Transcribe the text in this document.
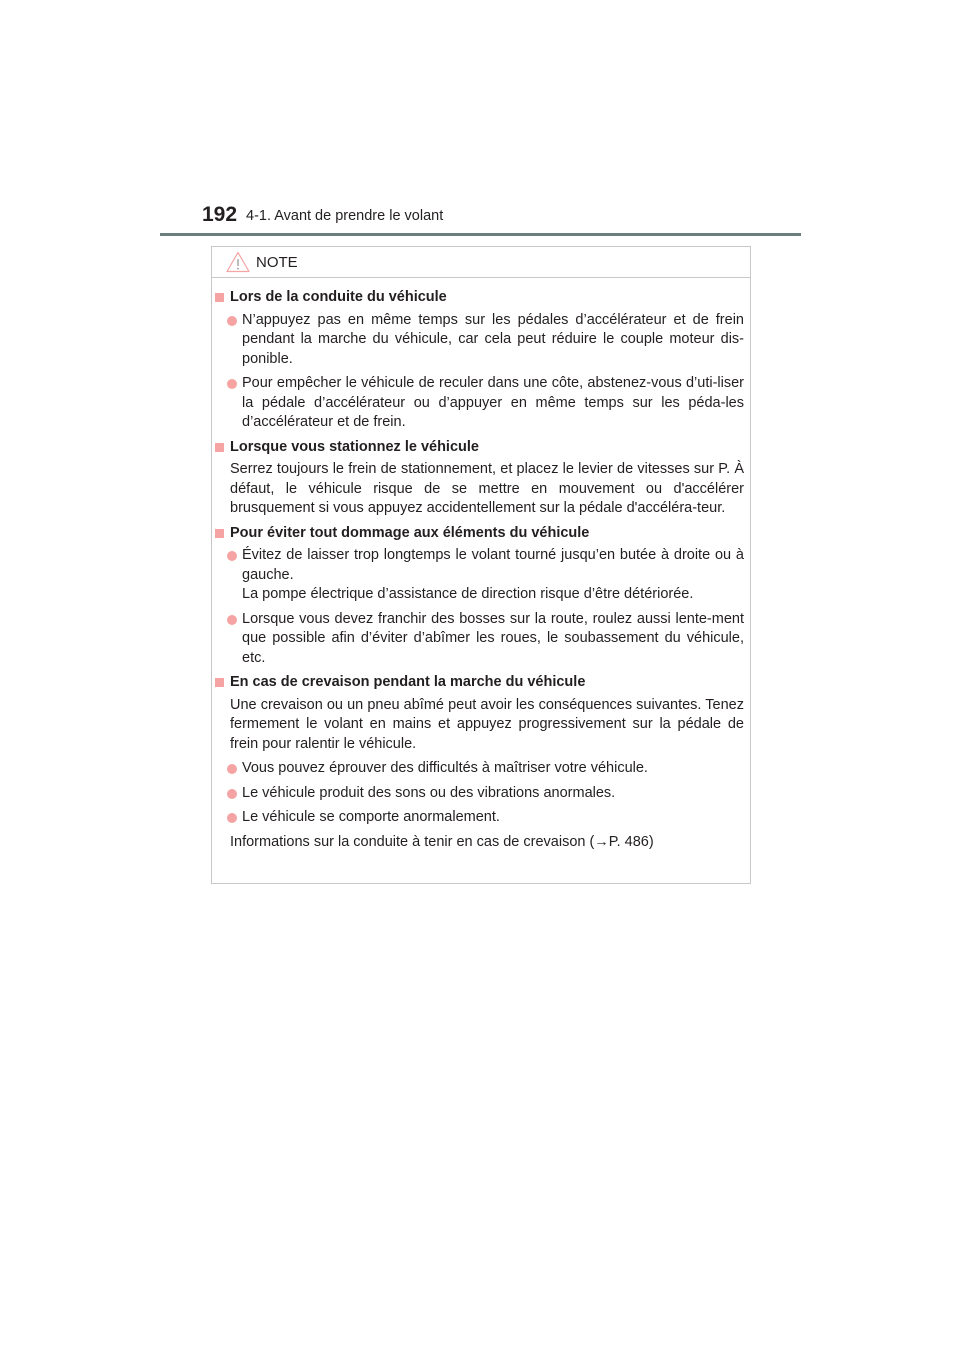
192 4-1. Avant de prendre le volant
NOTE
Lors de la conduite du véhicule
N’appuyez pas en même temps sur les pédales d’accélérateur et de frein pendant la marche du véhicule, car cela peut réduire le couple moteur dis-ponible.
Pour empêcher le véhicule de reculer dans une côte, abstenez-vous d’uti-liser la pédale d’accélérateur ou d’appuyer en même temps sur les péda-les d’accélérateur et de frein.
Lorsque vous stationnez le véhicule
Serrez toujours le frein de stationnement, et placez le levier de vitesses sur P. À défaut, le véhicule risque de se mettre en mouvement ou d'accélérer brusquement si vous appuyez accidentellement sur la pédale d'accéléra-teur.
Pour éviter tout dommage aux éléments du véhicule
Évitez de laisser trop longtemps le volant tourné jusqu’en butée à droite ou à gauche.
La pompe électrique d’assistance de direction risque d’être détériorée.
Lorsque vous devez franchir des bosses sur la route, roulez aussi lente-ment que possible afin d’éviter d’abîmer les roues, le soubassement du véhicule, etc.
En cas de crevaison pendant la marche du véhicule
Une crevaison ou un pneu abîmé peut avoir les conséquences suivantes. Tenez fermement le volant en mains et appuyez progressivement sur la pédale de frein pour ralentir le véhicule.
Vous pouvez éprouver des difficultés à maîtriser votre véhicule.
Le véhicule produit des sons ou des vibrations anormales.
Le véhicule se comporte anormalement.
Informations sur la conduite à tenir en cas de crevaison (→P. 486)
